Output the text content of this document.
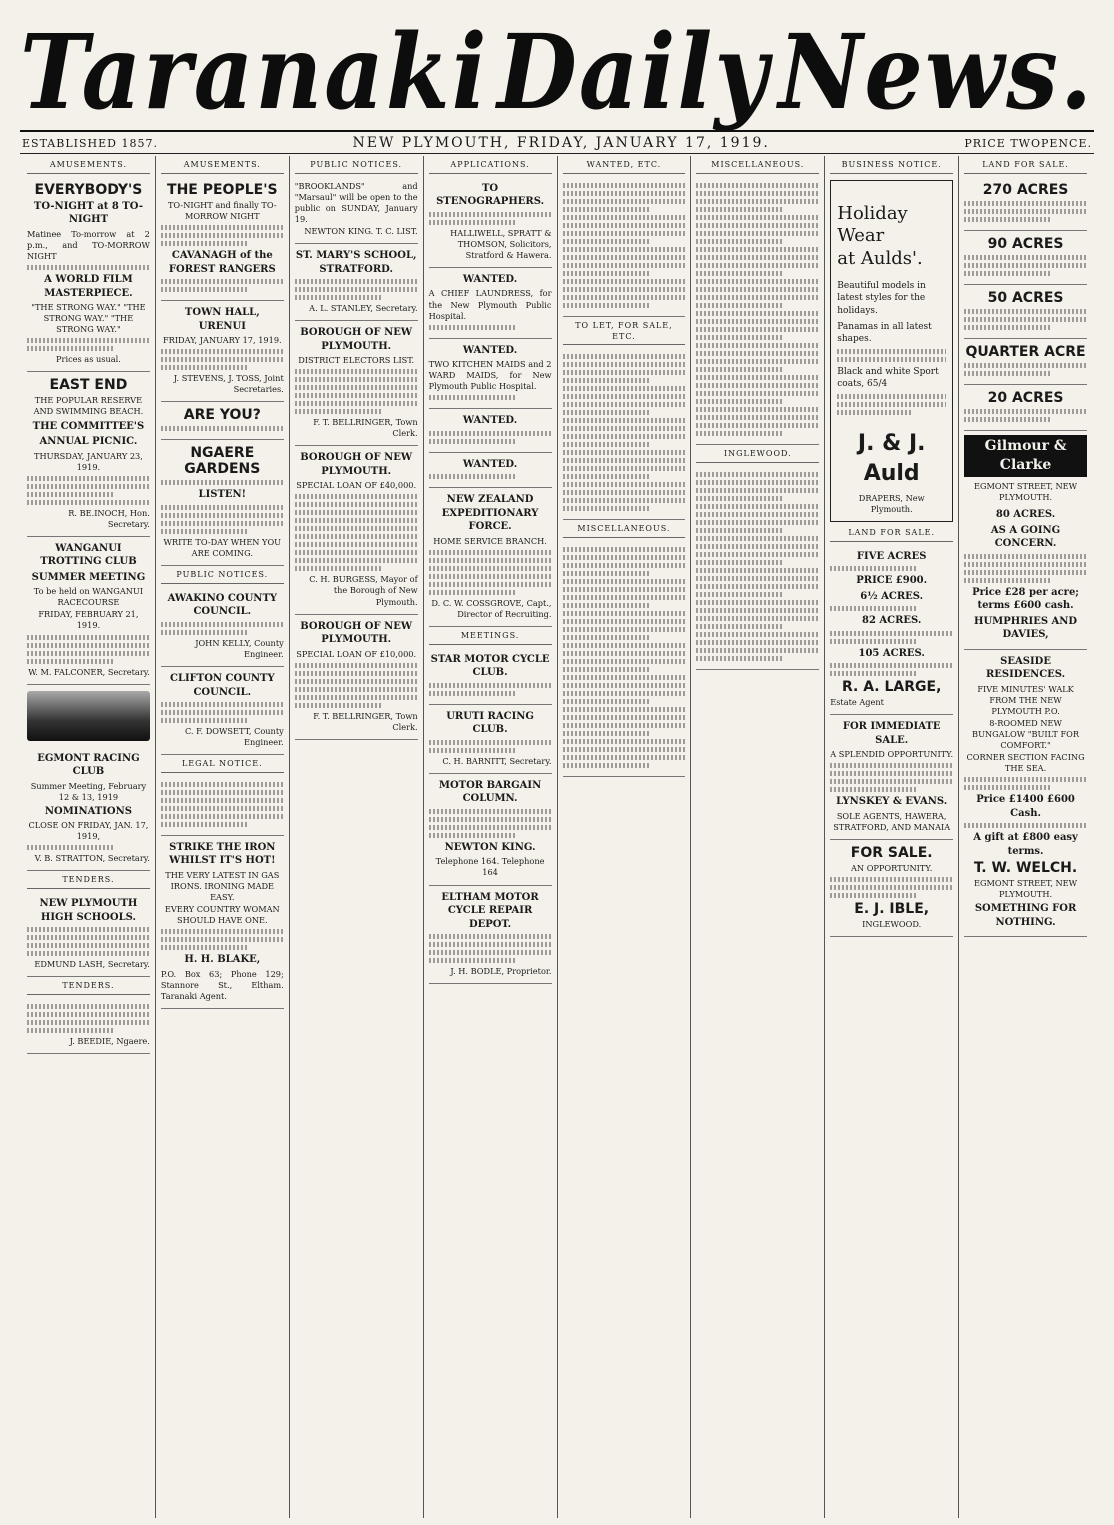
Taranaki Daily News.
ESTABLISHED 1857.	NEW PLYMOUTH, FRIDAY, JANUARY 17, 1919.	PRICE TWOPENCE.
AMUSEMENTS.
EVERYBODY'S
TO-NIGHT at 8 TO-NIGHT
Matinee To-morrow at 2 p.m., and TO-MORROW NIGHT
A WORLD FILM MASTERPIECE.
"THE STRONG WAY." "THE STRONG WAY." "THE STRONG WAY."
Prices as usual.
EAST END
THE POPULAR RESERVE AND SWIMMING BEACH.
THE COMMITTEE'S
ANNUAL PICNIC.
THURSDAY, JANUARY 23, 1919.
R. BE.INOCH, Hon. Secretary.
WANGANUI TROTTING CLUB
SUMMER MEETING
To be held on WANGANUI RACECOURSE
FRIDAY, FEBRUARY 21, 1919.
W. M. FALCONER, Secretary.
EGMONT RACING CLUB
Summer Meeting, February 12 & 13, 1919
NOMINATIONS
CLOSE ON FRIDAY, JAN. 17, 1919,
V. B. STRATTON, Secretary.
TENDERS.
NEW PLYMOUTH HIGH SCHOOLS.
EDMUND LASH, Secretary.
TENDERS.
J. BEEDIE, Ngaere.
AMUSEMENTS.
THE PEOPLE'S
TO-NIGHT and finally TO-MORROW NIGHT
CAVANAGH of the FOREST RANGERS
TOWN HALL, URENUI
FRIDAY, JANUARY 17, 1919.
J. STEVENS, J. TOSS, Joint Secretaries.
ARE YOU?
NGAERE GARDENS
LISTEN!
WRITE TO-DAY WHEN YOU ARE COMING.
PUBLIC NOTICES.
AWAKINO COUNTY COUNCIL.
JOHN KELLY, County Engineer.
CLIFTON COUNTY COUNCIL.
C. F. DOWSETT, County Engineer.
LEGAL NOTICE.
STRIKE THE IRON WHILST IT'S HOT!
THE VERY LATEST IN GAS IRONS. IRONING MADE EASY.
EVERY COUNTRY WOMAN SHOULD HAVE ONE.
H. H. BLAKE,
P.O. Box 63; Phone 129; Stannore St., Eltham. Taranaki Agent.
PUBLIC NOTICES.
"BROOKLANDS" and "Marsaul" will be open to the public on SUNDAY, January 19.
NEWTON KING. T. C. LIST.
ST. MARY'S SCHOOL, STRATFORD.
A. L. STANLEY, Secretary.
BOROUGH OF NEW PLYMOUTH.
DISTRICT ELECTORS LIST.
F. T. BELLRINGER, Town Clerk.
BOROUGH OF NEW PLYMOUTH.
SPECIAL LOAN OF £40,000.
C. H. BURGESS, Mayor of the Borough of New Plymouth.
BOROUGH OF NEW PLYMOUTH.
SPECIAL LOAN OF £10,000.
F. T. BELLRINGER, Town Clerk.
APPLICATIONS.
TO STENOGRAPHERS.
HALLIWELL, SPRATT & THOMSON, Solicitors, Stratford & Hawera.
WANTED.
A CHIEF LAUNDRESS, for the New Plymouth Public Hospital.
WANTED.
TWO KITCHEN MAIDS and 2 WARD MAIDS, for New Plymouth Public Hospital.
WANTED.
WANTED.
NEW ZEALAND EXPEDITIONARY FORCE.
HOME SERVICE BRANCH.
D. C. W. COSSGROVE, Capt., Director of Recruiting.
MEETINGS.
STAR MOTOR CYCLE CLUB.
URUTI RACING CLUB.
C. H. BARNITT, Secretary.
MOTOR BARGAIN COLUMN.
NEWTON KING.
Telephone 164. Telephone 164
ELTHAM MOTOR CYCLE REPAIR DEPOT.
J. H. BODLE, Proprietor.
WANTED, ETC.
TO LET, FOR SALE, ETC.
MISCELLANEOUS.
MISCELLANEOUS.
INGLEWOOD.
BUSINESS NOTICE.
Holiday Wear
at Aulds'.
Beautiful models in latest styles for the holidays.
Panamas in all latest shapes.
Black and white Sport coats, 65/4
J. & J. Auld
DRAPERS, New Plymouth.
LAND FOR SALE.
FIVE ACRES
PRICE £900.
6½ ACRES.
82 ACRES.
105 ACRES.
R. A. LARGE,
Estate Agent
FOR IMMEDIATE SALE.
A SPLENDID OPPORTUNITY.
LYNSKEY & EVANS.
SOLE AGENTS, HAWERA, STRATFORD, AND MANAIA
FOR SALE.
AN OPPORTUNITY.
E. J. IBLE,
INGLEWOOD.
LAND FOR SALE.
270 ACRES
90 ACRES
50 ACRES
QUARTER ACRE
20 ACRES
Gilmour & Clarke
EGMONT STREET, NEW PLYMOUTH.
80 ACRES.
AS A GOING CONCERN.
Price £28 per acre; terms £600 cash.
HUMPHRIES AND DAVIES,
SEASIDE RESIDENCES.
FIVE MINUTES' WALK FROM THE NEW PLYMOUTH P.O.
8-ROOMED NEW BUNGALOW "BUILT FOR COMFORT."
CORNER SECTION FACING THE SEA.
Price £1400 £600 Cash.
A gift at £800 easy terms.
T. W. WELCH.
EGMONT STREET, NEW PLYMOUTH.
SOMETHING FOR NOTHING.
